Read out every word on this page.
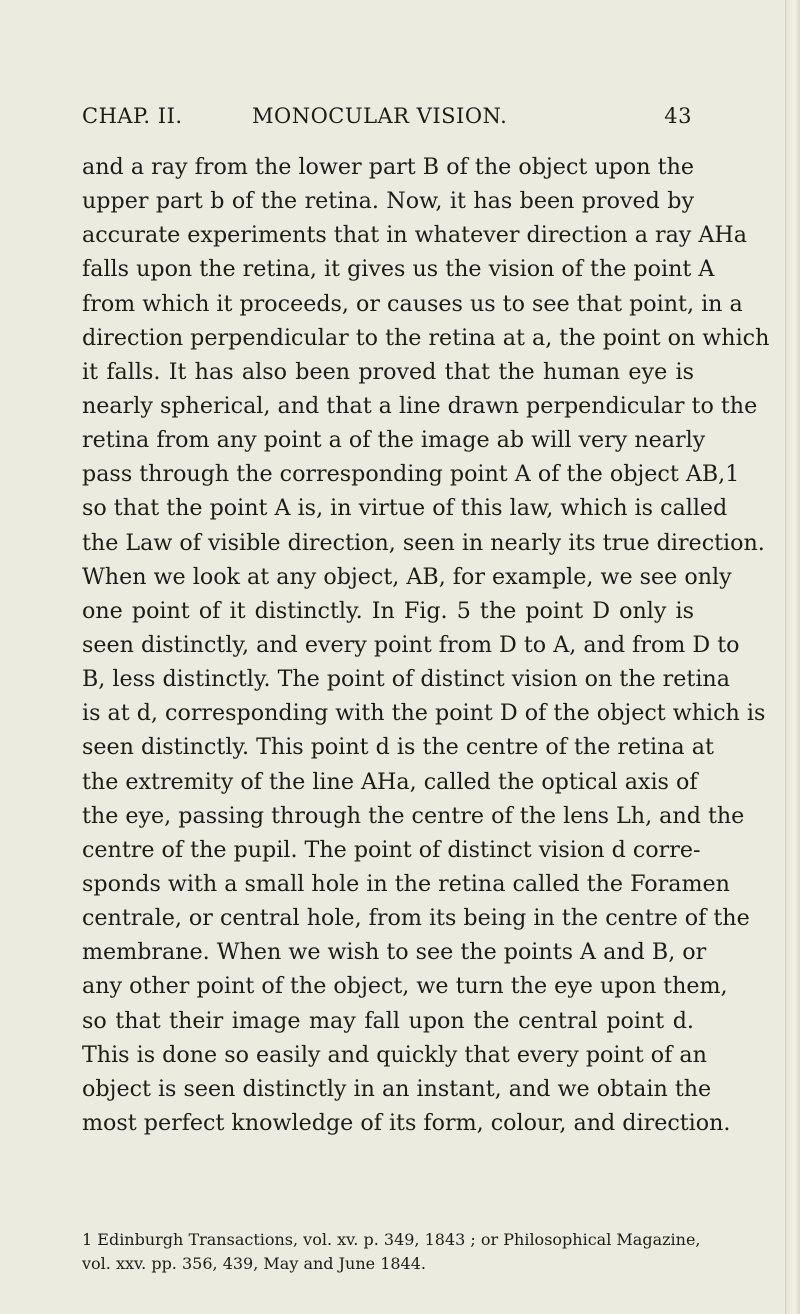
CHAP. II.	MONOCULAR VISION.	43
and a ray from the lower part B of the object upon the
upper part b of the retina. Now, it has been proved by
accurate experiments that in whatever direction a ray AHa
falls upon the retina, it gives us the vision of the point A
from which it proceeds, or causes us to see that point, in a
direction perpendicular to the retina at a, the point on which
it falls. It has also been proved that the human eye is
nearly spherical, and that a line drawn perpendicular to the
retina from any point a of the image ab will very nearly
pass through the corresponding point A of the object AB,1
so that the point A is, in virtue of this law, which is called
the Law of visible direction, seen in nearly its true direction.
When we look at any object, AB, for example, we see only
one point of it distinctly. In Fig. 5 the point D only is
seen distinctly, and every point from D to A, and from D to
B, less distinctly. The point of distinct vision on the retina
is at d, corresponding with the point D of the object which is
seen distinctly. This point d is the centre of the retina at
the extremity of the line AHa, called the optical axis of
the eye, passing through the centre of the lens Lh, and the
centre of the pupil. The point of distinct vision d corre-
sponds with a small hole in the retina called the Foramen
centrale, or central hole, from its being in the centre of the
membrane. When we wish to see the points A and B, or
any other point of the object, we turn the eye upon them,
so that their image may fall upon the central point d.
This is done so easily and quickly that every point of an
object is seen distinctly in an instant, and we obtain the
most perfect knowledge of its form, colour, and direction.
1 Edinburgh Transactions, vol. xv. p. 349, 1843 ; or Philosophical Magazine,
vol. xxv. pp. 356, 439, May and June 1844.
